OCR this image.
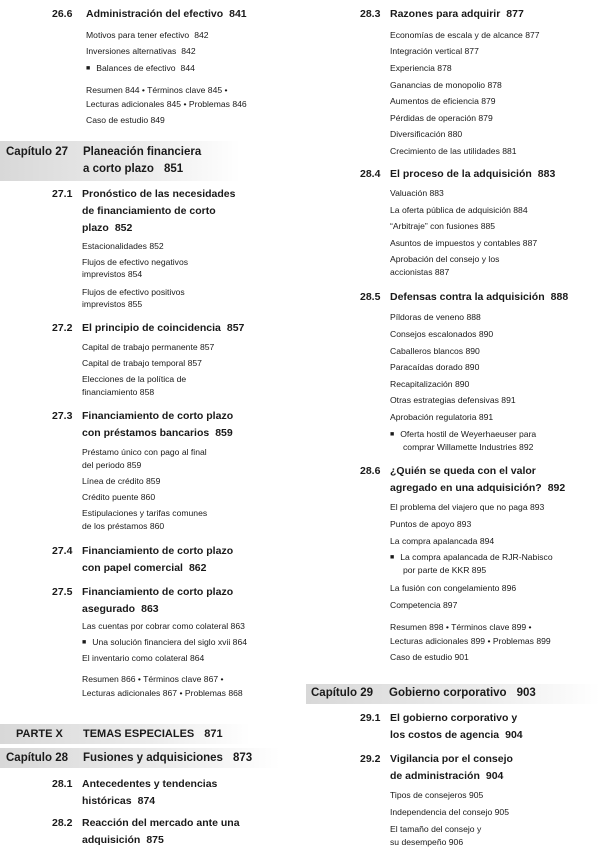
26.6 Administración del efectivo 841
Motivos para tener efectivo 842
Inversiones alternativas 842
■ Balances de efectivo 844
Resumen 844 • Términos clave 845 •
Lecturas adicionales 845 • Problemas 846
Caso de estudio 849
Capítulo 27 Planeación financiera
a corto plazo 851
27.1 Pronóstico de las necesidades
de financiamiento de corto
plazo 852
Estacionalidades 852
Flujos de efectivo negativos
imprevistos 854
Flujos de efectivo positivos
imprevistos 855
27.2 El principio de coincidencia 857
Capital de trabajo permanente 857
Capital de trabajo temporal 857
Elecciones de la política de
financiamiento 858
27.3 Financiamiento de corto plazo
con préstamos bancarios 859
Préstamo único con pago al final
del periodo 859
Línea de crédito 859
Crédito puente 860
Estipulaciones y tarifas comunes
de los préstamos 860
27.4 Financiamiento de corto plazo
con papel comercial 862
27.5 Financiamiento de corto plazo
asegurado 863
Las cuentas por cobrar como colateral 863
■ Una solución financiera del siglo xvii 864
El inventario como colateral 864
Resumen 866 • Términos clave 867 •
Lecturas adicionales 867 • Problemas 868
PARTE X TEMAS ESPECIALES 871
Capítulo 28 Fusiones y adquisiciones 873
28.1 Antecedentes y tendencias
históricas 874
28.2 Reacción del mercado ante una
adquisición 875
28.3 Razones para adquirir 877
Economías de escala y de alcance 877
Integración vertical 877
Experiencia 878
Ganancias de monopolio 878
Aumentos de eficiencia 879
Pérdidas de operación 879
Diversificación 880
Crecimiento de las utilidades 881
28.4 El proceso de la adquisición 883
Valuación 883
La oferta pública de adquisición 884
“Arbitraje” con fusiones 885
Asuntos de impuestos y contables 887
Aprobación del consejo y los
accionistas 887
28.5 Defensas contra la adquisición 888
Píldoras de veneno 888
Consejos escalonados 890
Caballeros blancos 890
Paracaídas dorado 890
Recapitalización 890
Otras estrategias defensivas 891
Aprobación regulatoria 891
■ Oferta hostil de Weyerhaeuser para
comprar Willamette Industries 892
28.6 ¿Quién se queda con el valor
agregado en una adquisición? 892
El problema del viajero que no paga 893
Puntos de apoyo 893
La compra apalancada 894
■ La compra apalancada de RJR-Nabisco
por parte de KKR 895
La fusión con congelamiento 896
Competencia 897
Resumen 898 • Términos clave 899 •
Lecturas adicionales 899 • Problemas 899
Caso de estudio 901
Capítulo 29 Gobierno corporativo 903
29.1 El gobierno corporativo y
los costos de agencia 904
29.2 Vigilancia por el consejo
de administración 904
Tipos de consejeros 905
Independencia del consejo 905
El tamaño del consejo y
su desempeño 906
